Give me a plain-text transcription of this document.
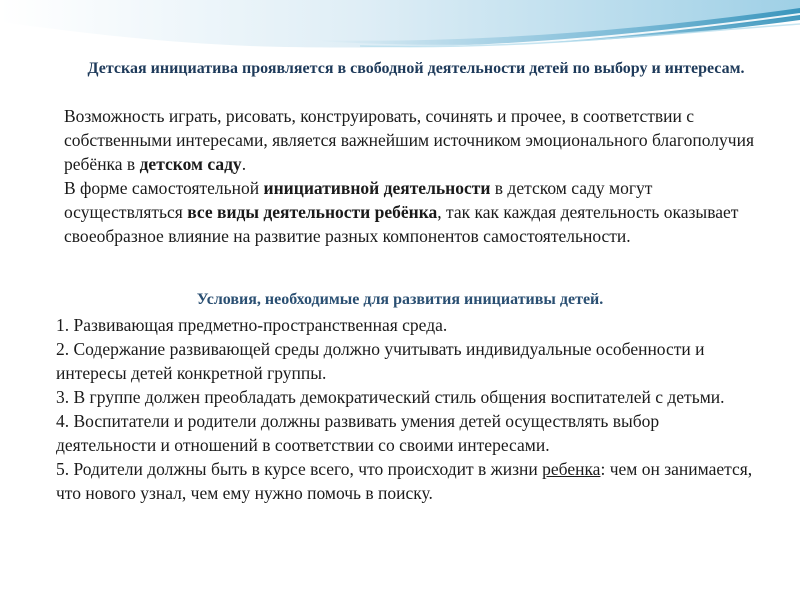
Детская инициатива проявляется в свободной деятельности детей по выбору и интересам.

Возможность играть, рисовать, конструировать, сочинять и прочее, в соответствии с собственными интересами, является важнейшим источником эмоционального благополучия ребёнка в детском саду.

В форме самостоятельной инициативной деятельности в детском саду могут осуществляться все виды деятельности ребёнка, так как каждая деятельность оказывает своеобразное влияние на развитие разных компонентов самостоятельности.

Условия, необходимые для развития инициативы детей.

1. Развивающая предметно-пространственная среда.

2. Содержание развивающей среды должно учитывать индивидуальные особенности и интересы детей конкретной группы.

3. В группе должен преобладать демократический стиль общения воспитателей с детьми.

4. Воспитатели и родители должны развивать умения детей осуществлять выбор деятельности и отношений в соответствии со своими интересами.

5. Родители должны быть в курсе всего, что происходит в жизни ребенка: чем он занимается, что нового узнал, чем ему нужно помочь в поиску.
